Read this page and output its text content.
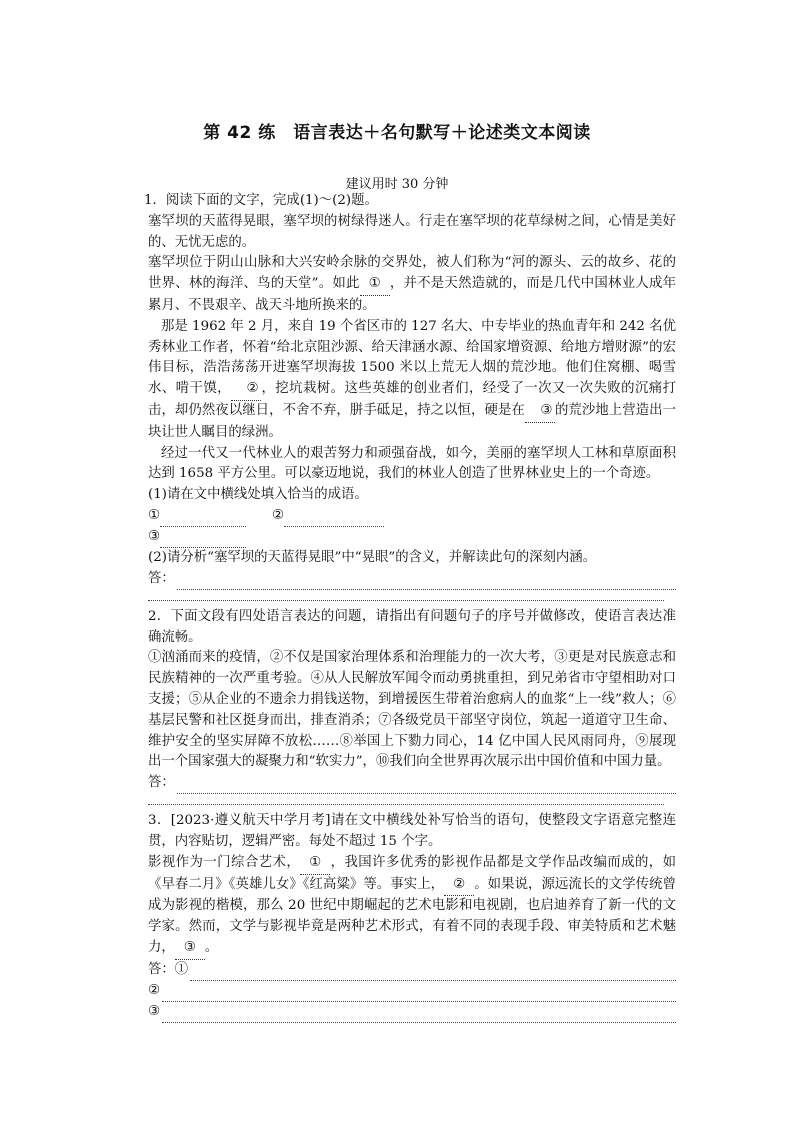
第 42 练　语言表达＋名句默写＋论述类文本阅读
建议用时 30 分钟

1．阅读下面的文字，完成(1)～(2)题。

塞罕坝的天蓝得晃眼，塞罕坝的树绿得迷人。行走在塞罕坝的花草绿树之间，心情是美好的、无忧无虑的。

塞罕坝位于阴山山脉和大兴安岭余脉的交界处，被人们称为“河的源头、云的故乡、花的世界、林的海洋、鸟的天堂”。如此 ① ，并不是天然造就的，而是几代中国林业人成年累月、不畏艰辛、战天斗地所换来的。

那是 1962 年 2 月，来自 19 个省区市的 127 名大、中专毕业的热血青年和 242 名优秀林业工作者，怀着“给北京阻沙源、给天津涵水源、给国家增资源、给地方增财源”的宏伟目标，浩浩荡荡开进塞罕坝海拔 1500 米以上荒无人烟的荒沙地。他们住窝棚、喝雪水、啃干馍， ② ，挖坑栽树。这些英雄的创业者们，经受了一次又一次失败的沉痛打击，却仍然夜以继日，不舍不弃，胼手砥足，持之以恒，硬是在 ③ 的荒沙地上营造出一块让世人瞩目的绿洲。

经过一代又一代林业人的艰苦努力和顽强奋战，如今，美丽的塞罕坝人工林和草原面积达到 1658 平方公里。可以豪迈地说，我们的林业人创造了世界林业史上的一个奇迹。

(1)请在文中横线处填入恰当的成语。

①	②
③

(2)请分析“塞罕坝的天蓝得晃眼”中“晃眼”的含义，并解读此句的深刻内涵。

答：

2．下面文段有四处语言表达的问题，请指出有问题句子的序号并做修改，使语言表达准确流畅。

①汹涌而来的疫情，②不仅是国家治理体系和治理能力的一次大考，③更是对民族意志和民族精神的一次严重考验。④从人民解放军闻令而动勇挑重担，到兄弟省市守望相助对口支援；⑤从企业的不遗余力捐钱送物，到增援医生带着治愈病人的血浆“上一线”救人；⑥基层民警和社区挺身而出，排查消杀；⑦各级党员干部坚守岗位，筑起一道道守卫生命、维护安全的坚实屏障不放松……⑧举国上下勠力同心，14 亿中国人民风雨同舟，⑨展现出一个国家强大的凝聚力和“软实力”，⑩我们向全世界再次展示出中国价值和中国力量。

答：

3．[2023·遵义航天中学月考]请在文中横线处补写恰当的语句，使整段文字语意完整连贯，内容贴切，逻辑严密。每处不超过 15 个字。

影视作为一门综合艺术， ① ，我国许多优秀的影视作品都是文学作品改编而成的，如《早春二月》《英雄儿女》《红高粱》等。事实上， ② 。如果说，源远流长的文学传统曾成为影视的楷模，那么 20 世纪中期崛起的艺术电影和电视剧，也启迪养育了新一代的文学家。然而，文学与影视毕竟是两种艺术形式，有着不同的表现手段、审美特质和艺术魅力， ③ 。

答：①
②
③
